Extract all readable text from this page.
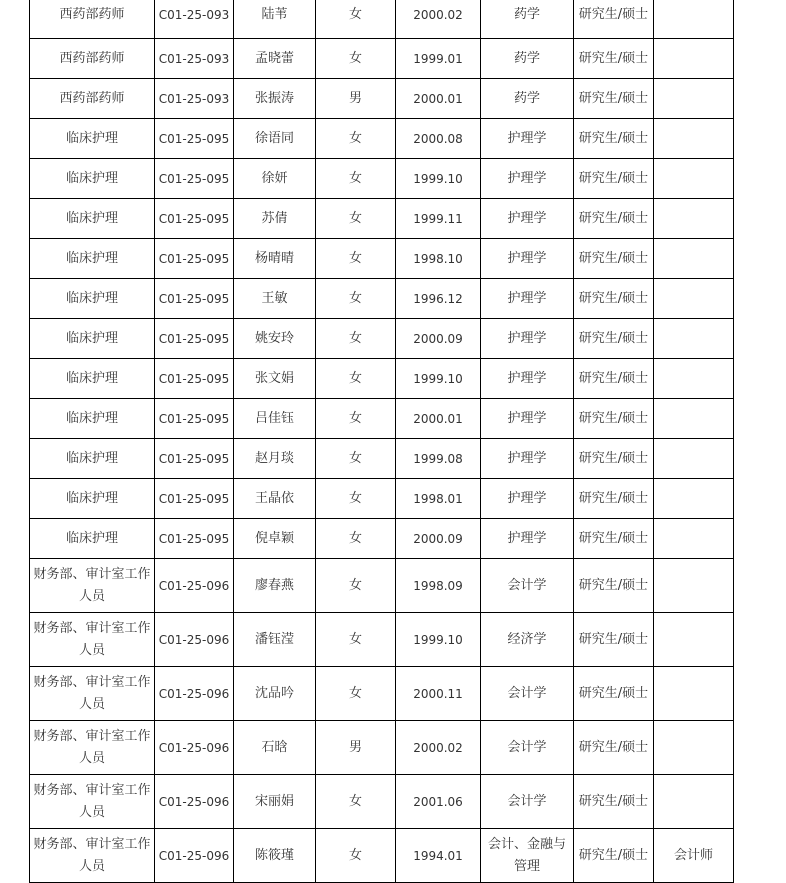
西药部药师	C01-25-093	陆苇	女	2000.02	药学	研究生/硕士	
西药部药师	C01-25-093	孟晓蕾	女	1999.01	药学	研究生/硕士	
西药部药师	C01-25-093	张振涛	男	2000.01	药学	研究生/硕士	
临床护理	C01-25-095	徐语同	女	2000.08	护理学	研究生/硕士	
临床护理	C01-25-095	徐妍	女	1999.10	护理学	研究生/硕士	
临床护理	C01-25-095	苏倩	女	1999.11	护理学	研究生/硕士	
临床护理	C01-25-095	杨晴晴	女	1998.10	护理学	研究生/硕士	
临床护理	C01-25-095	王敏	女	1996.12	护理学	研究生/硕士	
临床护理	C01-25-095	姚安玲	女	2000.09	护理学	研究生/硕士	
临床护理	C01-25-095	张文娟	女	1999.10	护理学	研究生/硕士	
临床护理	C01-25-095	吕佳钰	女	2000.01	护理学	研究生/硕士	
临床护理	C01-25-095	赵月琰	女	1999.08	护理学	研究生/硕士	
临床护理	C01-25-095	王晶依	女	1998.01	护理学	研究生/硕士	
临床护理	C01-25-095	倪卓颖	女	2000.09	护理学	研究生/硕士	
财务部、审计室工作人员	C01-25-096	廖春燕	女	1998.09	会计学	研究生/硕士	
财务部、审计室工作人员	C01-25-096	潘钰滢	女	1999.10	经济学	研究生/硕士	
财务部、审计室工作人员	C01-25-096	沈品吟	女	2000.11	会计学	研究生/硕士	
财务部、审计室工作人员	C01-25-096	石晗	男	2000.02	会计学	研究生/硕士	
财务部、审计室工作人员	C01-25-096	宋丽娟	女	2001.06	会计学	研究生/硕士	
财务部、审计室工作人员	C01-25-096	陈筱瑾	女	1994.01	会计、金融与管理	研究生/硕士	会计师
